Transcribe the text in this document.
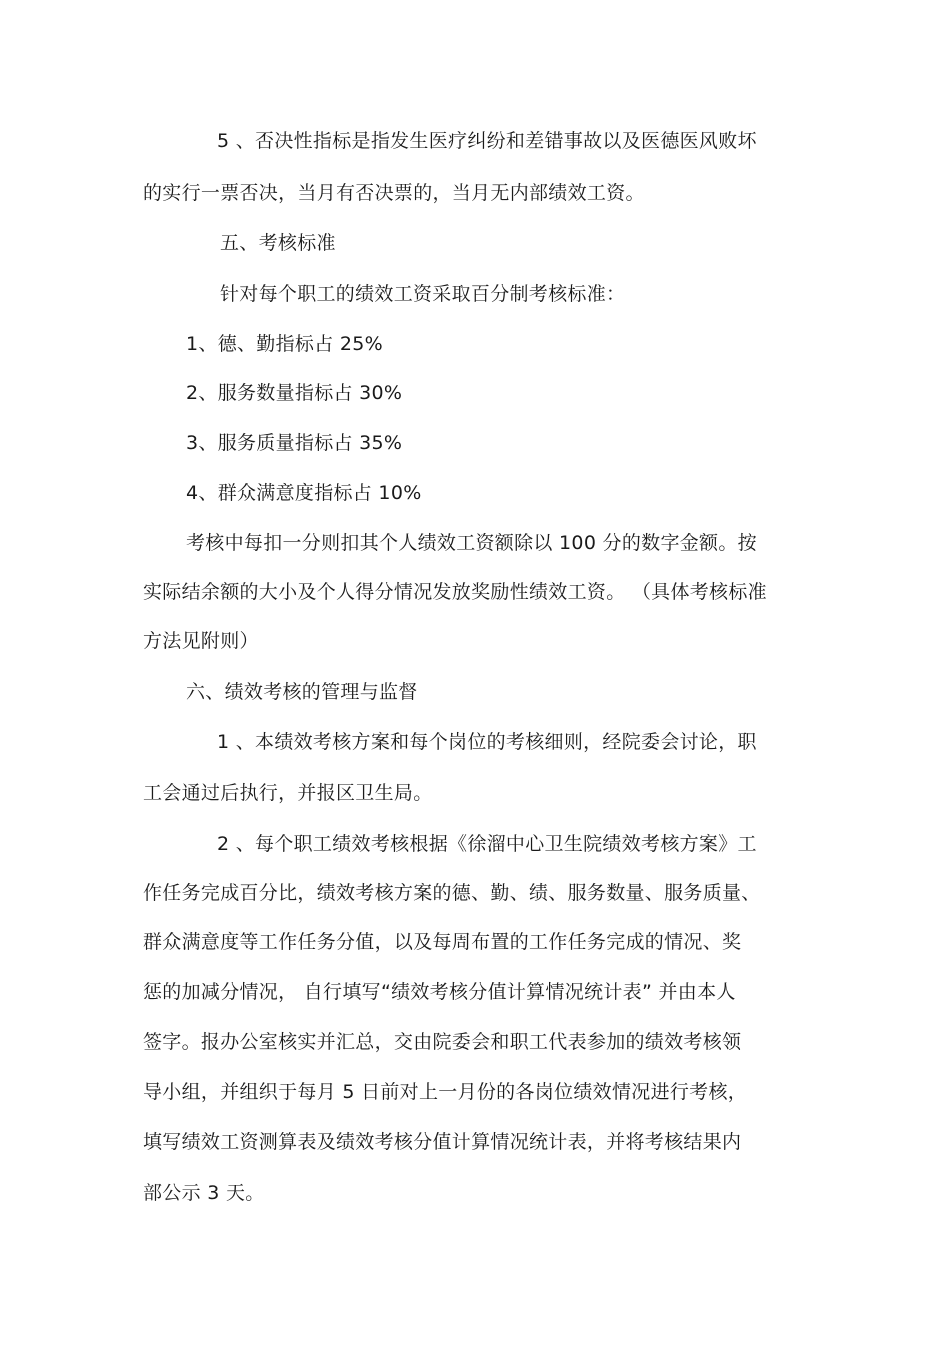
5 、否决性指标是指发生医疗纠纷和差错事故以及医德医风败坏
的实行一票否决，当月有否决票的，当月无内部绩效工资。
五、考核标准
针对每个职工的绩效工资采取百分制考核标准：
1、德、勤指标占 25%
2、服务数量指标占 30%
3、服务质量指标占 35%
4、群众满意度指标占 10%
考核中每扣一分则扣其个人绩效工资额除以 100 分的数字金额。按
实际结余额的大小及个人得分情况发放奖励性绩效工资。 （具体考核标准
方法见附则）
六、绩效考核的管理与监督
1 、本绩效考核方案和每个岗位的考核细则，经院委会讨论，职
工会通过后执行，并报区卫生局。
2 、每个职工绩效考核根据《徐溜中心卫生院绩效考核方案》工
作任务完成百分比，绩效考核方案的德、勤、绩、服务数量、服务质量、
群众满意度等工作任务分值，以及每周布置的工作任务完成的情况、奖
惩的加减分情况， 自行填写“绩效考核分值计算情况统计表” 并由本人
签字。报办公室核实并汇总，交由院委会和职工代表参加的绩效考核领
导小组，并组织于每月 5 日前对上一月份的各岗位绩效情况进行考核，
填写绩效工资测算表及绩效考核分值计算情况统计表，并将考核结果内
部公示 3 天。
